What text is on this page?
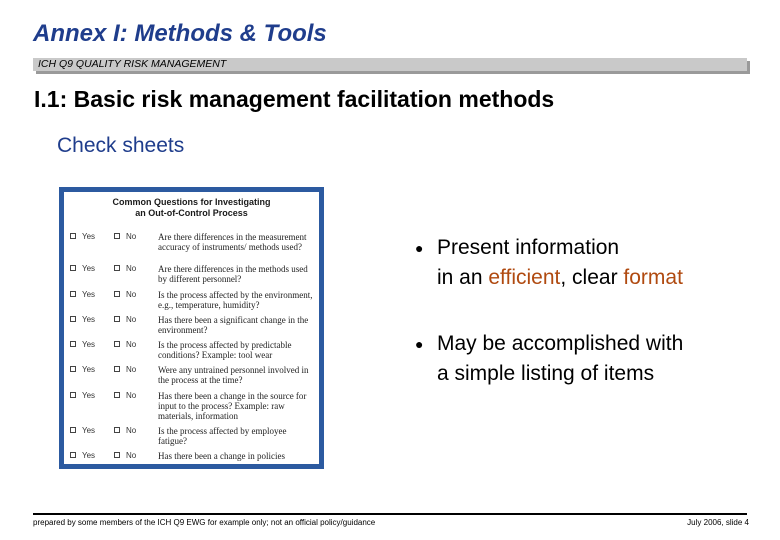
Annex I: Methods & Tools
ICH Q9 QUALITY RISK MANAGEMENT
I.1: Basic risk management facilitation methods
Check sheets
Common Questions for Investigating
an Out-of-Control Process
Yes	No Are there differences in the measurement accuracy of instruments/ methods used?
Yes	No Are there differences in the methods used by different personnel?
Yes	No Is the process affected by the environment, e.g., temperature, humidity?
Yes	No Has there been a significant change in the environment?
Yes	No Is the process affected by predictable conditions? Example: tool wear
Yes	No Were any untrained personnel involved in the process at the time?
Yes	No Has there been a change in the source for input to the process? Example: raw materials, information
Yes	No Is the process affected by employee fatigue?
Yes	No Has there been a change in policies
● Present information
in an efficient, clear format
● May be accomplished with
a simple listing of items
prepared by some members of the ICH Q9 EWG for example only; not an official policy/guidance	July 2006, slide 4
